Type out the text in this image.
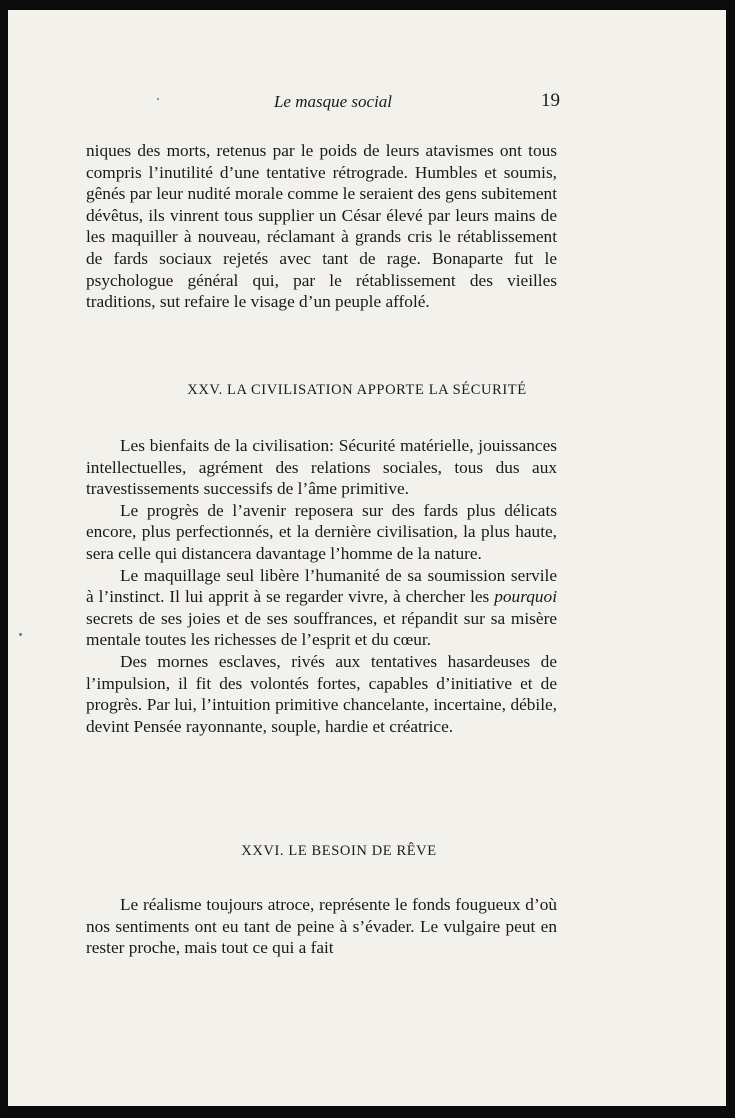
Le masque social	19

niques des morts, retenus par le poids de leurs atavismes ont tous compris l’inutilité d’une tentative rétrograde. Humbles et soumis, gênés par leur nudité morale comme le seraient des gens subitement dévêtus, ils vinrent tous supplier un César élevé par leurs mains de les maquiller à nouveau, réclamant à grands cris le rétablissement de fards sociaux rejetés avec tant de rage. Bonaparte fut le psychologue général qui, par le rétablissement des vieilles traditions, sut refaire le visage d’un peuple affolé.

XXV. LA CIVILISATION APPORTE LA SÉCURITÉ

Les bienfaits de la civilisation: Sécurité matérielle, jouissances intellectuelles, agrément des relations sociales, tous dus aux travestissements successifs de l’âme primitive.

Le progrès de l’avenir reposera sur des fards plus délicats encore, plus perfectionnés, et la dernière civilisation, la plus haute, sera celle qui distancera davantage l’homme de la nature.

Le maquillage seul libère l’humanité de sa soumission servile à l’instinct. Il lui apprit à se regarder vivre, à chercher les pourquoi secrets de ses joies et de ses souffrances, et répandit sur sa misère mentale toutes les richesses de l’esprit et du cœur.

Des mornes esclaves, rivés aux tentatives hasardeuses de l’impulsion, il fit des volontés fortes, capables d’initiative et de progrès. Par lui, l’intuition primitive chancelante, incertaine, débile, devint Pensée rayonnante, souple, hardie et créatrice.

XXVI. LE BESOIN DE RÊVE

Le réalisme toujours atroce, représente le fonds fougueux d’où nos sentiments ont eu tant de peine à s’évader. Le vulgaire peut en rester proche, mais tout ce qui a fait
